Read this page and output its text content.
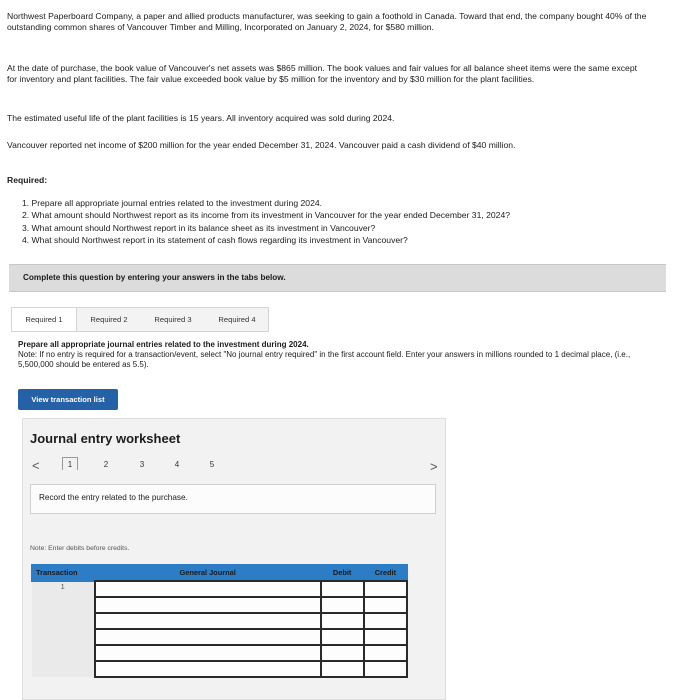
Northwest Paperboard Company, a paper and allied products manufacturer, was seeking to gain a foothold in Canada. Toward that end, the company bought 40% of the outstanding common shares of Vancouver Timber and Milling, Incorporated on January 2, 2024, for $580 million.

At the date of purchase, the book value of Vancouver's net assets was $865 million. The book values and fair values for all balance sheet items were the same except for inventory and plant facilities. The fair value exceeded book value by $5 million for the inventory and by $30 million for the plant facilities.

The estimated useful life of the plant facilities is 15 years. All inventory acquired was sold during 2024.

Vancouver reported net income of $200 million for the year ended December 31, 2024. Vancouver paid a cash dividend of $40 million.

Required:
1. Prepare all appropriate journal entries related to the investment during 2024.
2. What amount should Northwest report as its income from its investment in Vancouver for the year ended December 31, 2024?
3. What amount should Northwest report in its balance sheet as its investment in Vancouver?
4. What should Northwest report in its statement of cash flows regarding its investment in Vancouver?
Complete this question by entering your answers in the tabs below.
Required 1	Required 2	Required 3	Required 4
Prepare all appropriate journal entries related to the investment during 2024.
Note: If no entry is required for a transaction/event, select "No journal entry required" in the first account field. Enter your answers in millions rounded to 1 decimal place, (i.e., 5,500,000 should be entered as 5.5).
View transaction list
Journal entry worksheet
<	1	2	3	4	5	>
Record the entry related to the purchase.
Note: Enter debits before credits.
Transaction	General Journal	Debit	Credit
1			
